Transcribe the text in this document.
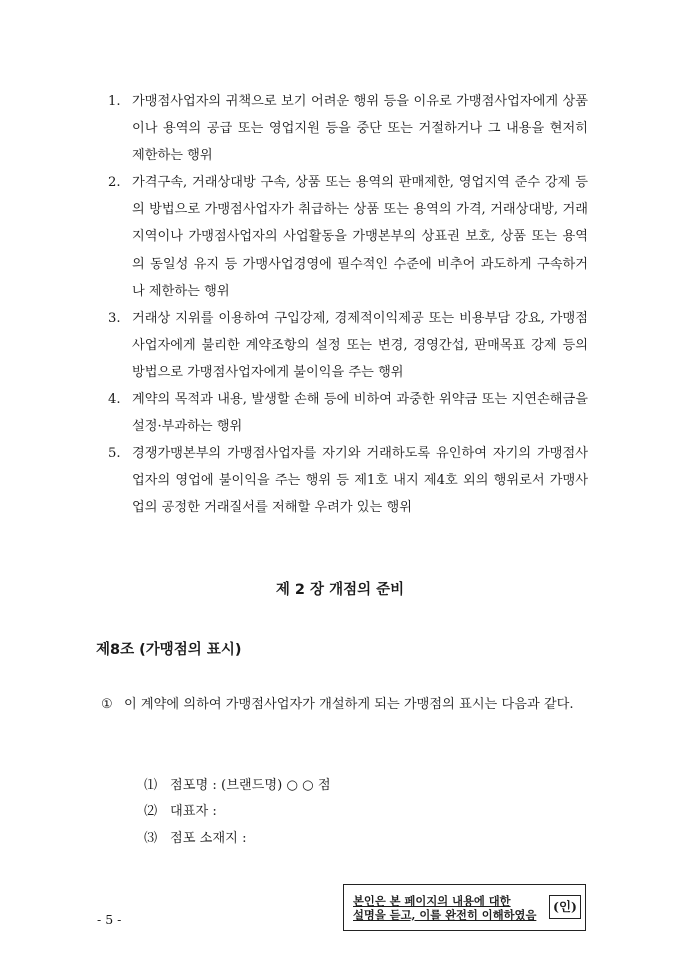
1. 가맹점사업자의 귀책으로 보기 어려운 행위 등을 이유로 가맹점사업자에게 상품이나 용역의 공급 또는 영업지원 등을 중단 또는 거절하거나 그 내용을 현저히 제한하는 행위
2. 가격구속, 거래상대방 구속, 상품 또는 용역의 판매제한, 영업지역 준수 강제 등의 방법으로 가맹점사업자가 취급하는 상품 또는 용역의 가격, 거래상대방, 거래지역이나 가맹점사업자의 사업활동을 가맹본부의 상표권 보호, 상품 또는 용역의 동일성 유지 등 가맹사업경영에 필수적인 수준에 비추어 과도하게 구속하거나 제한하는 행위
3. 거래상 지위를 이용하여 구입강제, 경제적이익제공 또는 비용부담 강요, 가맹점사업자에게 불리한 계약조항의 설정 또는 변경, 경영간섭, 판매목표 강제 등의 방법으로 가맹점사업자에게 불이익을 주는 행위
4. 계약의 목적과 내용, 발생할 손해 등에 비하여 과중한 위약금 또는 지연손해금을 설정·부과하는 행위
5. 경쟁가맹본부의 가맹점사업자를 자기와 거래하도록 유인하여 자기의 가맹점사업자의 영업에 불이익을 주는 행위 등 제1호 내지 제4호 외의 행위로서 가맹사업의 공정한 거래질서를 저해할 우려가 있는 행위
제 2 장 개점의 준비
제8조 (가맹점의 표시)
① 이 계약에 의하여 가맹점사업자가 개설하게 되는 가맹점의 표시는 다음과 같다.
⑴ 점포명 : (브랜드명) ○ ○ 점
⑵ 대표자 :
⑶ 점포 소재지 :
- 5 -
본인은 본 페이지의 내용에 대한
설명을 듣고, 이를 완전히 이해하였음
(인)
